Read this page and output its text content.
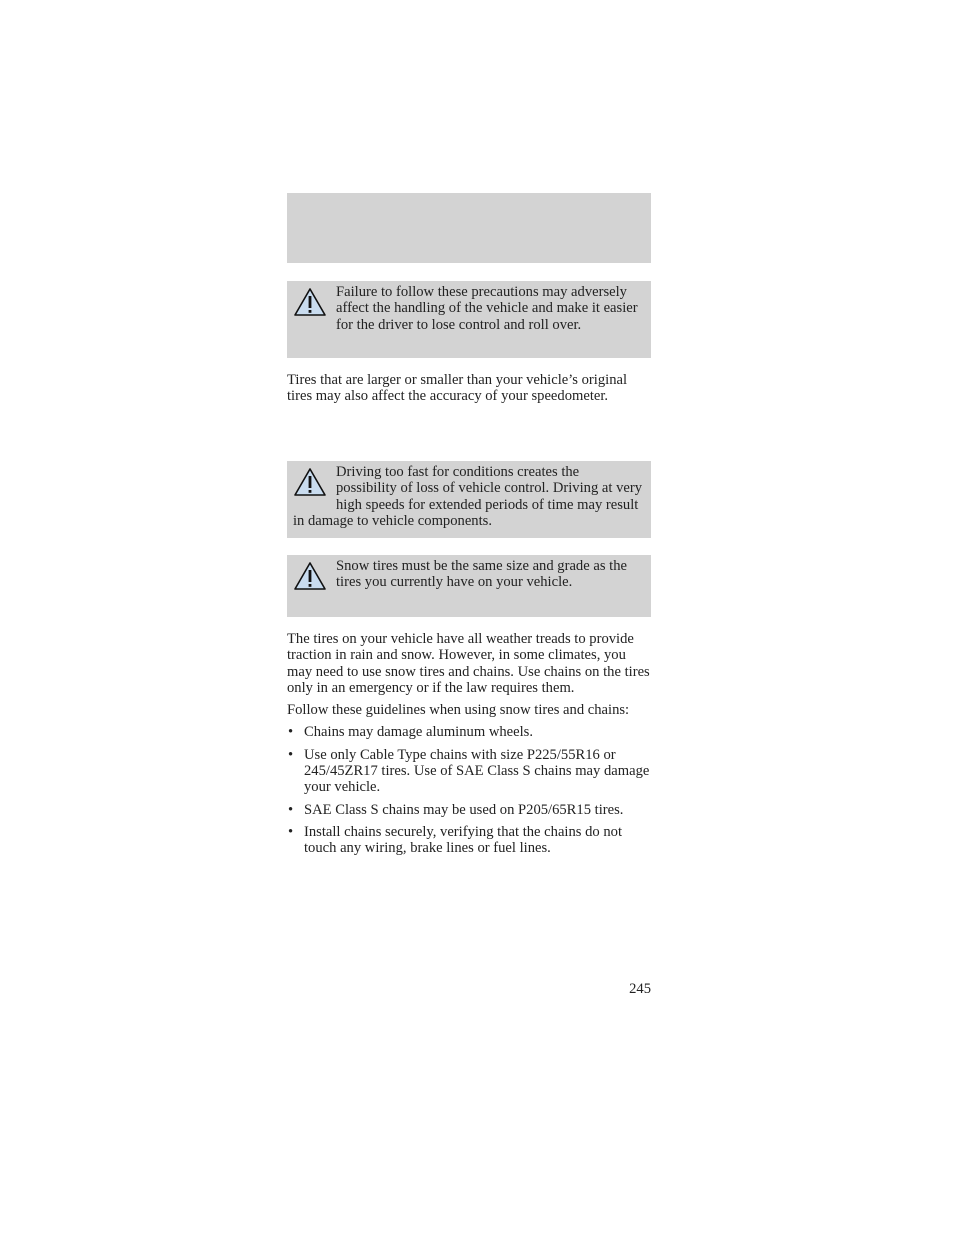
Failure to follow these precautions may adversely affect the handling of the vehicle and make it easier for the driver to lose control and roll over.

Tires that are larger or smaller than your vehicle’s original tires may also affect the accuracy of your speedometer.

Driving too fast for conditions creates the possibility of loss of vehicle control. Driving at very high speeds for extended periods of time may result in damage to vehicle components.

Snow tires must be the same size and grade as the tires you currently have on your vehicle.

The tires on your vehicle have all weather treads to provide traction in rain and snow. However, in some climates, you may need to use snow tires and chains. Use chains on the tires only in an emergency or if the law requires them.

Follow these guidelines when using snow tires and chains:

• Chains may damage aluminum wheels.
• Use only Cable Type chains with size P225/55R16 or 245/45ZR17 tires. Use of SAE Class S chains may damage your vehicle.
• SAE Class S chains may be used on P205/65R15 tires.
• Install chains securely, verifying that the chains do not touch any wiring, brake lines or fuel lines.
245
